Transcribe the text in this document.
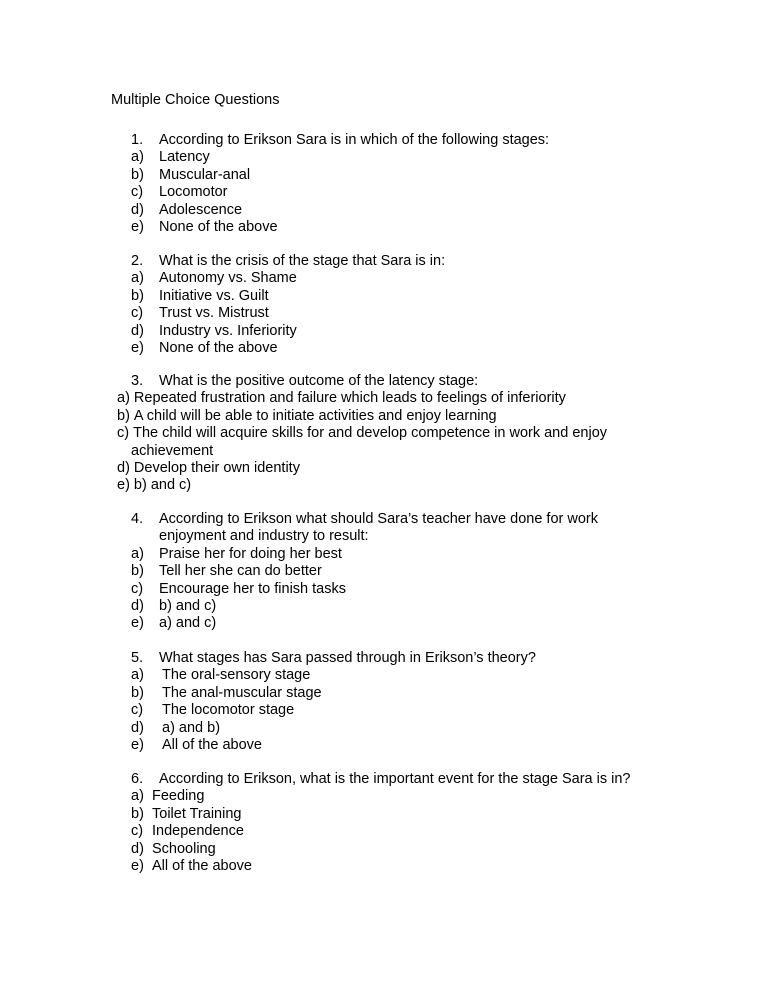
Multiple Choice Questions
1. According to Erikson Sara is in which of the following stages:
a) Latency
b) Muscular-anal
c) Locomotor
d) Adolescence
e) None of the above
2. What is the crisis of the stage that Sara is in:
a) Autonomy vs. Shame
b) Initiative vs. Guilt
c) Trust vs. Mistrust
d) Industry vs. Inferiority
e) None of the above
3. What is the positive outcome of the latency stage:
a) Repeated frustration and failure which leads to feelings of inferiority
b) A child will be able to initiate activities and enjoy learning
c) The child will acquire skills for and develop competence in work and enjoy
achievement
d) Develop their own identity
e) b) and c)
4. According to Erikson what should Sara’s teacher have done for work enjoyment and industry to result:
a) Praise her for doing her best
b) Tell her she can do better
c) Encourage her to finish tasks
d) b) and c)
e) a) and c)
5. What stages has Sara passed through in Erikson’s theory?
a) The oral-sensory stage
b) The anal-muscular stage
c) The locomotor stage
d) a) and b)
e) All of the above
6. According to Erikson, what is the important event for the stage Sara is in?
a) Feeding
b) Toilet Training
c) Independence
d) Schooling
e) All of the above
